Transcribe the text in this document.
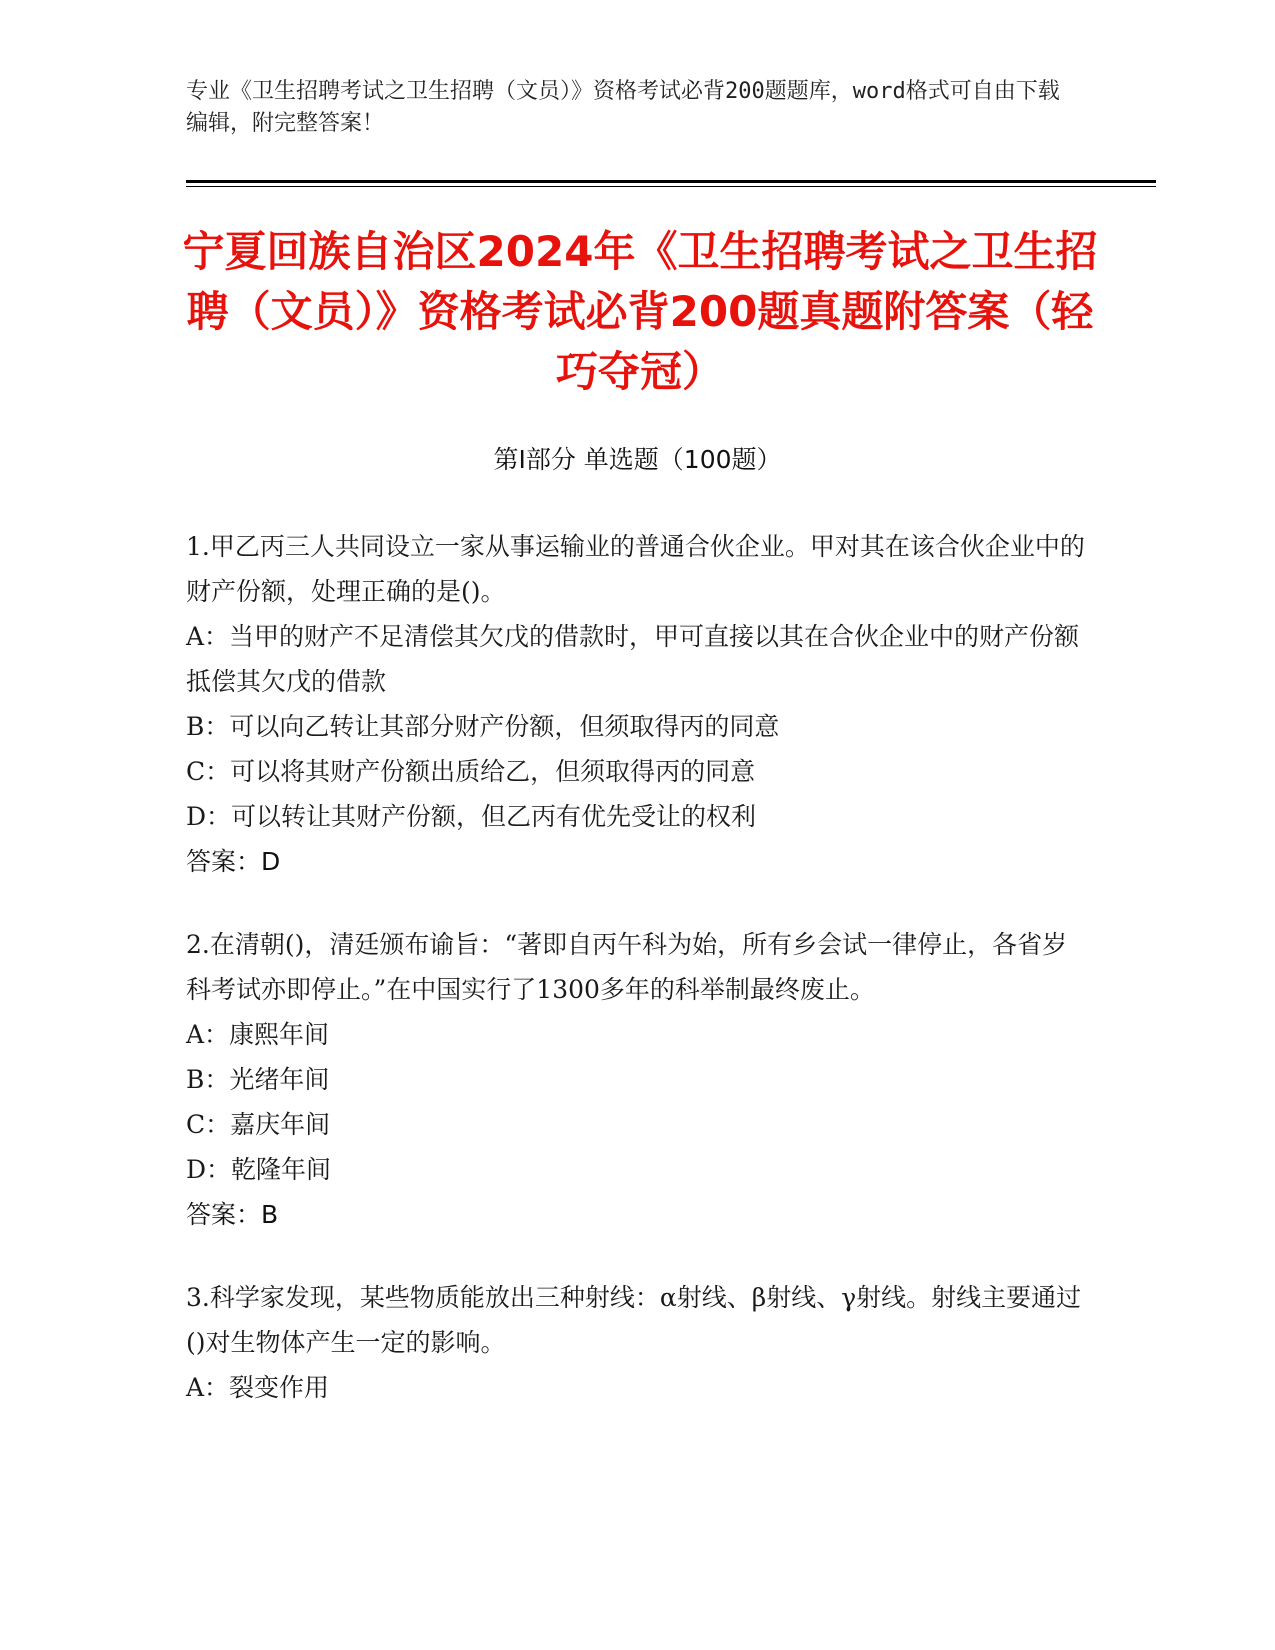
专业《卫生招聘考试之卫生招聘（文员）》资格考试必背200题题库，word格式可自由下载编辑，附完整答案！
宁夏回族自治区2024年《卫生招聘考试之卫生招聘（文员）》资格考试必背200题真题附答案（轻巧夺冠）
第I部分 单选题（100题）

1.甲乙丙三人共同设立一家从事运输业的普通合伙企业。甲对其在该合伙企业中的财产份额，处理正确的是()。

A：当甲的财产不足清偿其欠戊的借款时，甲可直接以其在合伙企业中的财产份额抵偿其欠戊的借款

B：可以向乙转让其部分财产份额，但须取得丙的同意

C：可以将其财产份额出质给乙，但须取得丙的同意

D：可以转让其财产份额，但乙丙有优先受让的权利

答案：D

2.在清朝()，清廷颁布谕旨：“著即自丙午科为始，所有乡会试一律停止，各省岁科考试亦即停止。”在中国实行了1300多年的科举制最终废止。

A：康熙年间

B：光绪年间

C：嘉庆年间

D：乾隆年间

答案：B

3.科学家发现，某些物质能放出三种射线：α射线、β射线、γ射线。射线主要通过()对生物体产生一定的影响。

A：裂变作用
